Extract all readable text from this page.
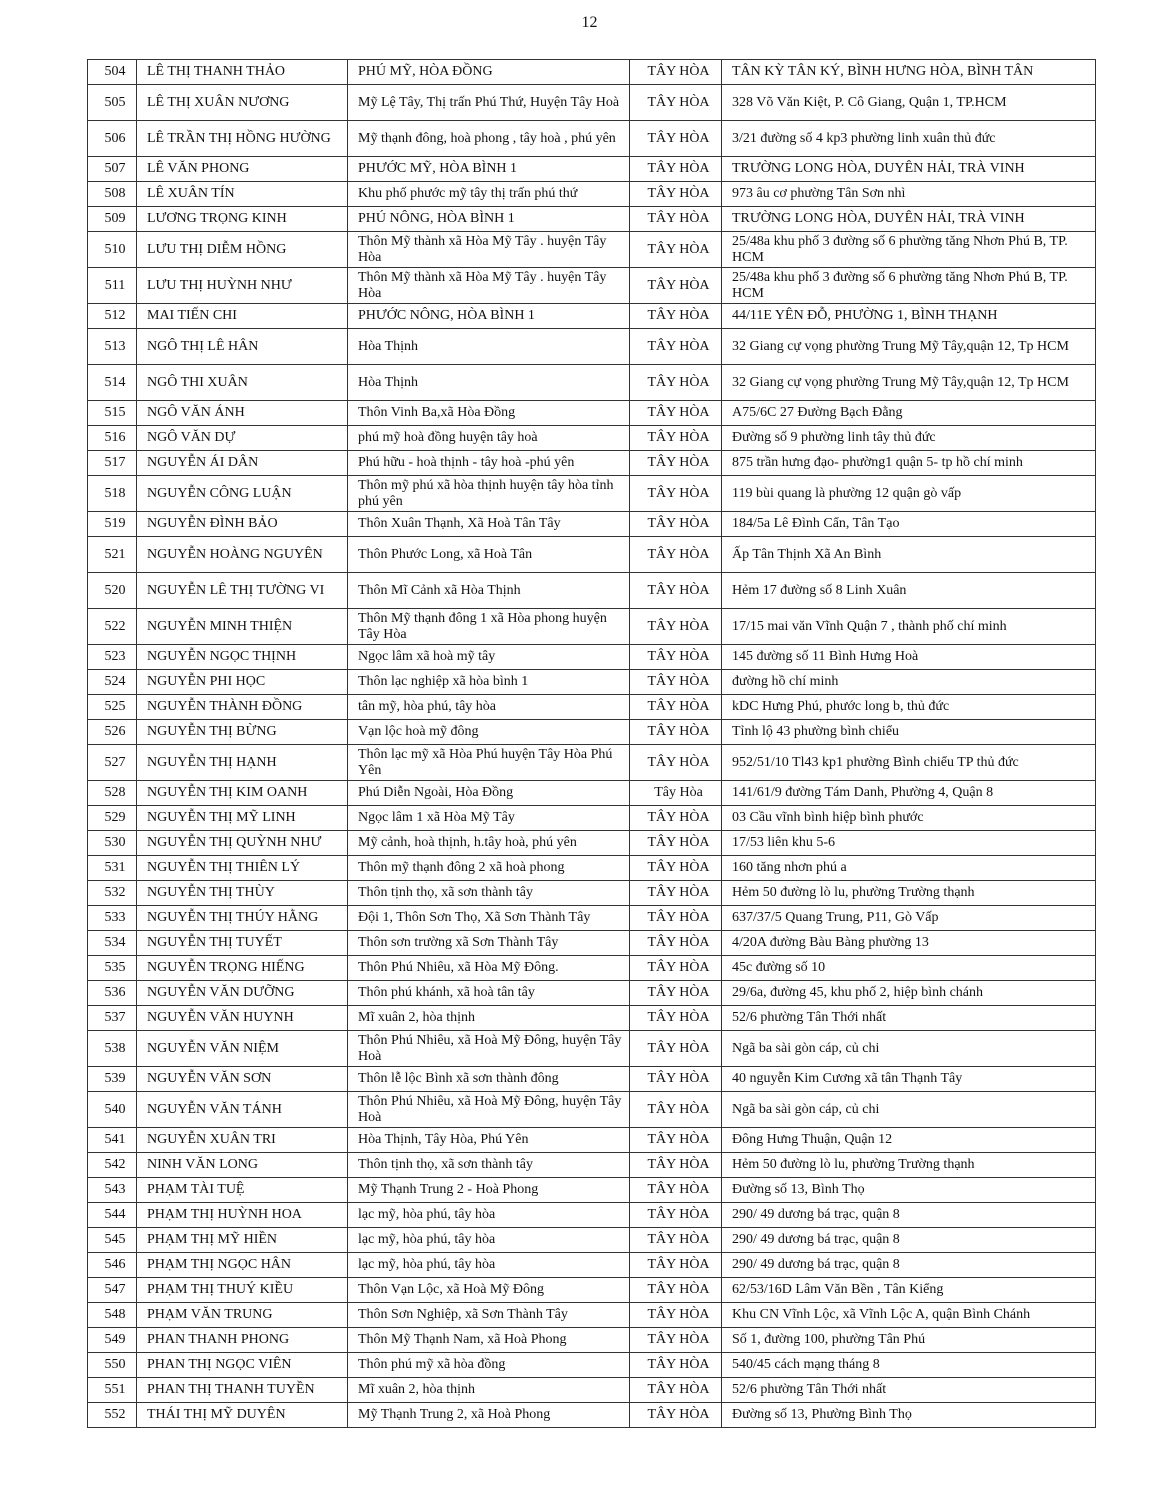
12
504	LÊ THỊ THANH THẢO	PHÚ MỸ, HÒA ĐỒNG	TÂY HÒA	TÂN KỲ TÂN KÝ, BÌNH HƯNG HÒA, BÌNH TÂN
505	LÊ THỊ XUÂN NƯƠNG	Mỹ Lệ Tây, Thị trấn Phú Thứ, Huyện Tây Hoà	TÂY HÒA	328 Võ Văn Kiệt, P. Cô Giang, Quận 1, TP.HCM
506	LÊ TRẦN THỊ HỒNG HƯỜNG	Mỹ thạnh đông, hoà phong , tây hoà , phú yên	TÂY HÒA	3/21 đường số 4 kp3 phường linh xuân thủ đức
507	LÊ VĂN PHONG	PHƯỚC MỸ, HÒA BÌNH 1	TÂY HÒA	TRƯỜNG LONG HÒA, DUYÊN HẢI, TRÀ VINH
508	LÊ XUÂN TÍN	Khu phố phước mỹ tây thị trấn phú thứ	TÂY HÒA	973 âu cơ phường Tân Sơn nhì
509	LƯƠNG TRỌNG KINH	PHÚ NÔNG, HÒA BÌNH 1	TÂY HÒA	TRƯỜNG LONG HÒA, DUYÊN HẢI, TRÀ VINH
510	LƯU THỊ DIỄM HỒNG	Thôn Mỹ thành xã Hòa Mỹ Tây . huyện Tây Hòa	TÂY HÒA	25/48a khu phố 3 đường số 6 phường tăng Nhơn Phú B, TP. HCM
511	LƯU THỊ HUỲNH NHƯ	Thôn Mỹ thành xã Hòa Mỹ Tây . huyện Tây Hòa	TÂY HÒA	25/48a khu phố 3 đường số 6 phường tăng Nhơn Phú B, TP. HCM
512	MAI TIẾN CHI	PHƯỚC NÔNG, HÒA BÌNH 1	TÂY HÒA	44/11E YÊN ĐỖ, PHƯỜNG 1, BÌNH THẠNH
513	NGÔ THỊ LÊ HÂN	Hòa Thịnh	TÂY HÒA	32 Giang cự vọng phường Trung Mỹ Tây,quận 12, Tp HCM
514	NGÔ THI XUÂN	Hòa Thịnh	TÂY HÒA	32 Giang cự vọng phường Trung Mỹ Tây,quận 12, Tp HCM
515	NGÔ VĂN ÁNH	Thôn Vinh Ba,xã Hòa Đồng	TÂY HÒA	A75/6C 27 Đường Bạch Đằng
516	NGÔ VĂN DỰ	phú mỹ hoà đồng huyện tây hoà	TÂY HÒA	Đường số 9 phường linh tây thủ đức
517	NGUYỄN ÁI DÂN	Phú hữu - hoà thịnh - tây hoà -phú yên	TÂY HÒA	875 trần hưng đạo- phường1 quận 5- tp hồ chí minh
518	NGUYỄN CÔNG LUẬN	Thôn mỹ phú xã hòa thịnh huyện tây hòa tỉnh phú yên	TÂY HÒA	119 bùi quang là phường 12 quận gò vấp
519	NGUYỄN ĐÌNH BẢO	Thôn Xuân Thạnh, Xã Hoà Tân Tây	TÂY HÒA	184/5a Lê Đình Cẩn, Tân Tạo
521	NGUYỄN HOÀNG NGUYÊN	Thôn Phước Long, xã Hoà Tân	TÂY HÒA	Ấp Tân Thịnh Xã An Bình
520	NGUYỄN LÊ THỊ TƯỜNG VI	Thôn Mĩ Cảnh xã Hòa Thịnh	TÂY HÒA	Hẻm 17 đường số 8 Linh Xuân
522	NGUYỄN MINH THIỆN	Thôn Mỹ thạnh đông 1 xã Hòa phong huyện Tây Hòa	TÂY HÒA	17/15 mai văn Vĩnh Quận 7 , thành phố chí minh
523	NGUYỄN NGỌC THỊNH	Ngọc lâm xã hoà mỹ tây	TÂY HÒA	145 đường số 11 Bình Hưng Hoà
524	NGUYỄN PHI HỌC	Thôn lạc nghiệp xã hòa bình 1	TÂY HÒA	đường hồ chí minh
525	NGUYỄN THÀNH ĐỒNG	tân mỹ, hòa phú, tây hòa	TÂY HÒA	kDC Hưng Phú, phước long b, thủ đức
526	NGUYỄN THỊ BỪNG	Vạn lộc hoà mỹ đông	TÂY HÒA	Tỉnh lộ 43 phường bình chiểu
527	NGUYỄN THỊ HẠNH	Thôn lạc mỹ xã Hòa Phú huyện Tây Hòa Phú Yên	TÂY HÒA	952/51/10 Tl43 kp1 phường Bình chiểu TP thủ đức
528	NGUYỄN THỊ KIM OANH	Phú Diễn Ngoài, Hòa Đồng	Tây Hòa	141/61/9 đường Tám Danh, Phường 4, Quận 8
529	NGUYỄN THỊ MỸ LINH	Ngọc lâm 1 xã Hòa Mỹ Tây	TÂY HÒA	03 Cầu vĩnh bình hiệp bình phước
530	NGUYỄN THỊ QUỲNH NHƯ	Mỹ cảnh, hoà thịnh, h.tây hoà, phú yên	TÂY HÒA	17/53 liên khu 5-6
531	NGUYỄN THỊ THIÊN LÝ	Thôn mỹ thạnh đông 2 xã hoà phong	TÂY HÒA	160 tăng nhơn phú a
532	NGUYỄN THỊ THÙY	Thôn tịnh thọ, xã sơn thành tây	TÂY HÒA	Hẻm 50 đường lò lu, phường Trường thạnh
533	NGUYỄN THỊ THÚY HẰNG	Đội 1, Thôn Sơn Thọ, Xã Sơn Thành Tây	TÂY HÒA	637/37/5 Quang Trung, P11, Gò Vấp
534	NGUYỄN THỊ TUYẾT	Thôn sơn trường xã Sơn Thành Tây	TÂY HÒA	4/20A đường Bàu Bàng phường 13
535	NGUYỄN TRỌNG HIẾNG	Thôn Phú Nhiêu, xã Hòa Mỹ Đông.	TÂY HÒA	45c đường số 10
536	NGUYỄN VĂN DƯỠNG	Thôn phú khánh, xã hoà tân tây	TÂY HÒA	29/6a, đường 45, khu phố 2, hiệp bình chánh
537	NGUYỄN VĂN HUYNH	Mĩ xuân 2, hòa thịnh	TÂY HÒA	52/6 phường Tân Thới nhất
538	NGUYỄN VĂN NIỆM	Thôn Phú Nhiêu, xã Hoà Mỹ Đông, huyện Tây Hoà	TÂY HÒA	Ngã ba sài gòn cáp, củ chi
539	NGUYỄN VĂN SƠN	Thôn lễ lộc Bình xã sơn thành đông	TÂY HÒA	40 nguyễn Kim Cương xã tân Thạnh Tây
540	NGUYỄN VĂN TÁNH	Thôn Phú Nhiêu, xã Hoà Mỹ Đông, huyện Tây Hoà	TÂY HÒA	Ngã ba sài gòn cáp, củ chi
541	NGUYỄN XUÂN TRI	Hòa Thịnh, Tây Hòa, Phú Yên	TÂY HÒA	Đông Hưng Thuận, Quận 12
542	NINH VĂN LONG	Thôn tịnh thọ, xã sơn thành tây	TÂY HÒA	Hẻm 50 đường lò lu, phường Trường thạnh
543	PHẠM TÀI TUỆ	Mỹ Thạnh Trung 2 - Hoà Phong	TÂY HÒA	Đường số 13, Bình Thọ
544	PHẠM THỊ HUỲNH HOA	lạc mỹ, hòa phú, tây hòa	TÂY HÒA	290/ 49 dương bá trạc, quận 8
545	PHẠM THỊ MỸ HIỀN	lạc mỹ, hòa phú, tây hòa	TÂY HÒA	290/ 49 dương bá trạc, quận 8
546	PHẠM THỊ NGỌC HÂN	lạc mỹ, hòa phú, tây hòa	TÂY HÒA	290/ 49 dương bá trạc, quận 8
547	PHẠM THỊ THUÝ KIỀU	Thôn Vạn Lộc, xã Hoà Mỹ Đông	TÂY HÒA	62/53/16D Lâm Văn Bền , Tân Kiểng
548	PHẠM VĂN TRUNG	Thôn Sơn Nghiệp, xã Sơn Thành Tây	TÂY HÒA	Khu CN Vĩnh Lộc, xã Vĩnh Lộc A, quận Bình Chánh
549	PHAN THANH PHONG	Thôn Mỹ Thạnh Nam, xã Hoà Phong	TÂY HÒA	Số 1, đường 100, phường Tân Phú
550	PHAN THỊ NGỌC VIÊN	Thôn phú mỹ xã hòa đồng	TÂY HÒA	540/45 cách mạng tháng 8
551	PHAN THỊ THANH TUYỀN	Mĩ xuân 2, hòa thịnh	TÂY HÒA	52/6 phường Tân Thới nhất
552	THÁI THỊ MỸ DUYÊN	Mỹ Thạnh Trung 2, xã Hoà Phong	TÂY HÒA	Đường số 13, Phường Bình Thọ
